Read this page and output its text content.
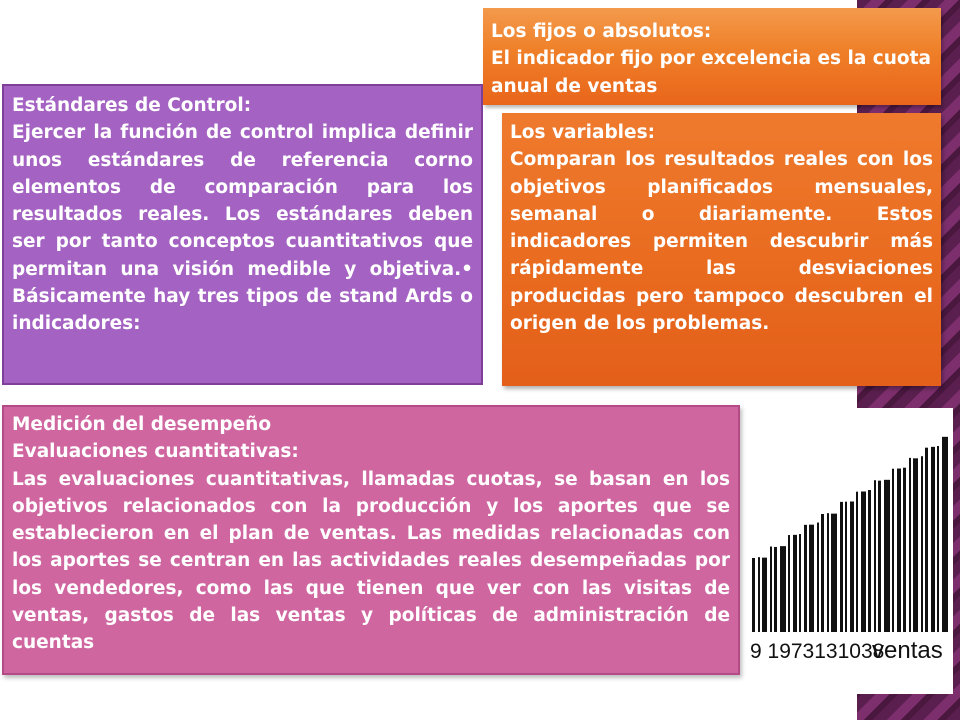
Los fijos o absolutos:

El indicador fijo por excelencia es la cuota anual de ventas

Estándares de Control:

Ejercer la función de control implica definir unos estándares de referencia corno elementos de comparación para los resultados reales. Los estándares deben ser por tanto conceptos cuantitativos que permitan una visión medible y objetiva.• Básicamente hay tres tipos de stand Ards o indicadores:

Los variables:

Comparan los resultados reales con los objetivos planificados mensuales, semanal o diariamente. Estos indicadores permiten descubrir más rápidamente las desviaciones producidas pero tampoco descubren el origen de los problemas.

Medición del desempeño

Evaluaciones cuantitativas:

Las evaluaciones cuantitativas, llamadas cuotas, se basan en los objetivos relacionados con la producción y los aportes que se establecieron en el plan de ventas. Las medidas relacionadas con los aportes se centran en las actividades reales desempeñadas por los vendedores, como las que tienen que ver con las visitas de ventas, gastos de las ventas y políticas de administración de cuentas	9 1973131038
ventas
